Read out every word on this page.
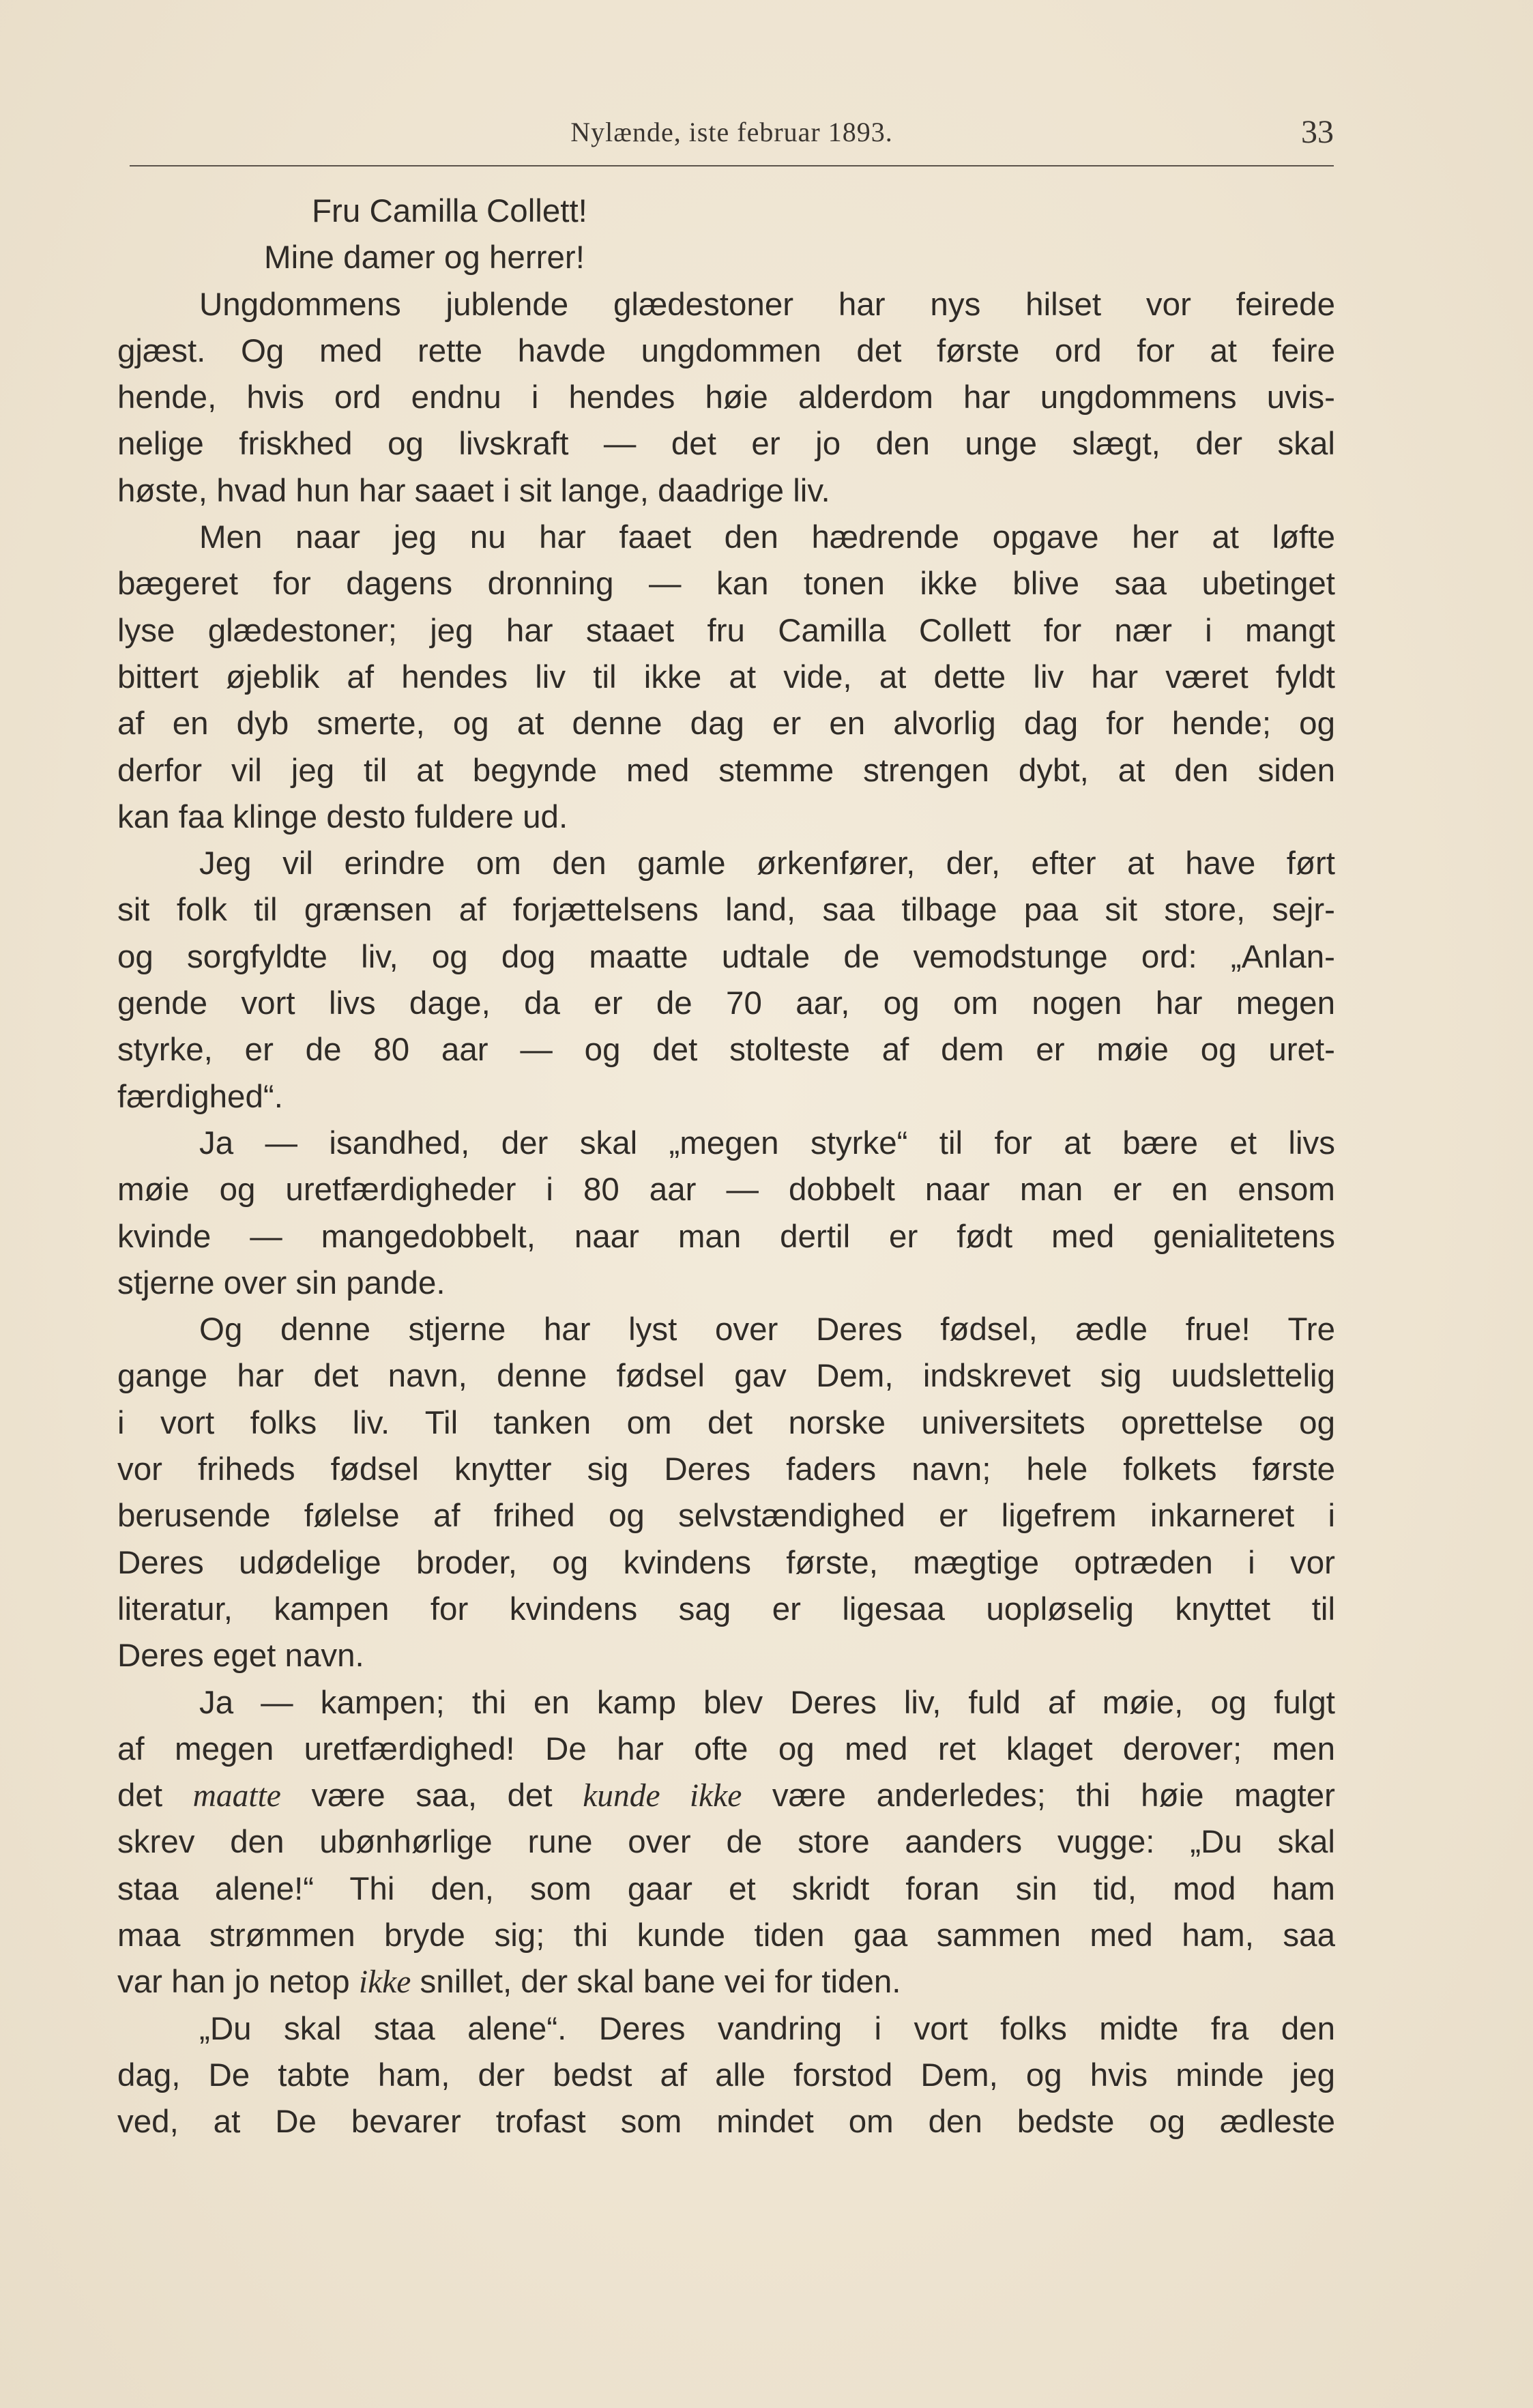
Nylænde, iste februar 1893.	33
Fru Camilla Collett!
Mine damer og herrer!
Ungdommens jublende glædestoner har nys hilset vor feirede
gjæst. Og med rette havde ungdommen det første ord for at feire
hende, hvis ord endnu i hendes høie alderdom har ungdommens uvis-
nelige friskhed og livskraft — det er jo den unge slægt, der skal
høste, hvad hun har saaet i sit lange, daadrige liv.
Men naar jeg nu har faaet den hædrende opgave her at løfte
bægeret for dagens dronning — kan tonen ikke blive saa ubetinget
lyse glædestoner; jeg har staaet fru Camilla Collett for nær i mangt
bittert øjeblik af hendes liv til ikke at vide, at dette liv har været fyldt
af en dyb smerte, og at denne dag er en alvorlig dag for hende; og
derfor vil jeg til at begynde med stemme strengen dybt, at den siden
kan faa klinge desto fuldere ud.
Jeg vil erindre om den gamle ørkenfører, der, efter at have ført
sit folk til grænsen af forjættelsens land, saa tilbage paa sit store, sejr-
og sorgfyldte liv, og dog maatte udtale de vemodstunge ord: „Anlan-
gende vort livs dage, da er de 70 aar, og om nogen har megen
styrke, er de 80 aar — og det stolteste af dem er møie og uret-
færdighed“.
Ja — isandhed, der skal „megen styrke“ til for at bære et livs
møie og uretfærdigheder i 80 aar — dobbelt naar man er en ensom
kvinde — mangedobbelt, naar man dertil er født med genialitetens
stjerne over sin pande.
Og denne stjerne har lyst over Deres fødsel, ædle frue! Tre
gange har det navn, denne fødsel gav Dem, indskrevet sig uudslettelig
i vort folks liv. Til tanken om det norske universitets oprettelse og
vor friheds fødsel knytter sig Deres faders navn; hele folkets første
berusende følelse af frihed og selvstændighed er ligefrem inkarneret i
Deres udødelige broder, og kvindens første, mægtige optræden i vor
literatur, kampen for kvindens sag er ligesaa uopløselig knyttet til
Deres eget navn.
Ja — kampen; thi en kamp blev Deres liv, fuld af møie, og fulgt
af megen uretfærdighed! De har ofte og med ret klaget derover; men
det maatte være saa, det kunde ikke være anderledes; thi høie magter
skrev den ubønhørlige rune over de store aanders vugge: „Du skal
staa alene!“ Thi den, som gaar et skridt foran sin tid, mod ham
maa strømmen bryde sig; thi kunde tiden gaa sammen med ham, saa
var han jo netop ikke snillet, der skal bane vei for tiden.
„Du skal staa alene“. Deres vandring i vort folks midte fra den
dag, De tabte ham, der bedst af alle forstod Dem, og hvis minde jeg
ved, at De bevarer trofast som mindet om den bedste og ædleste
